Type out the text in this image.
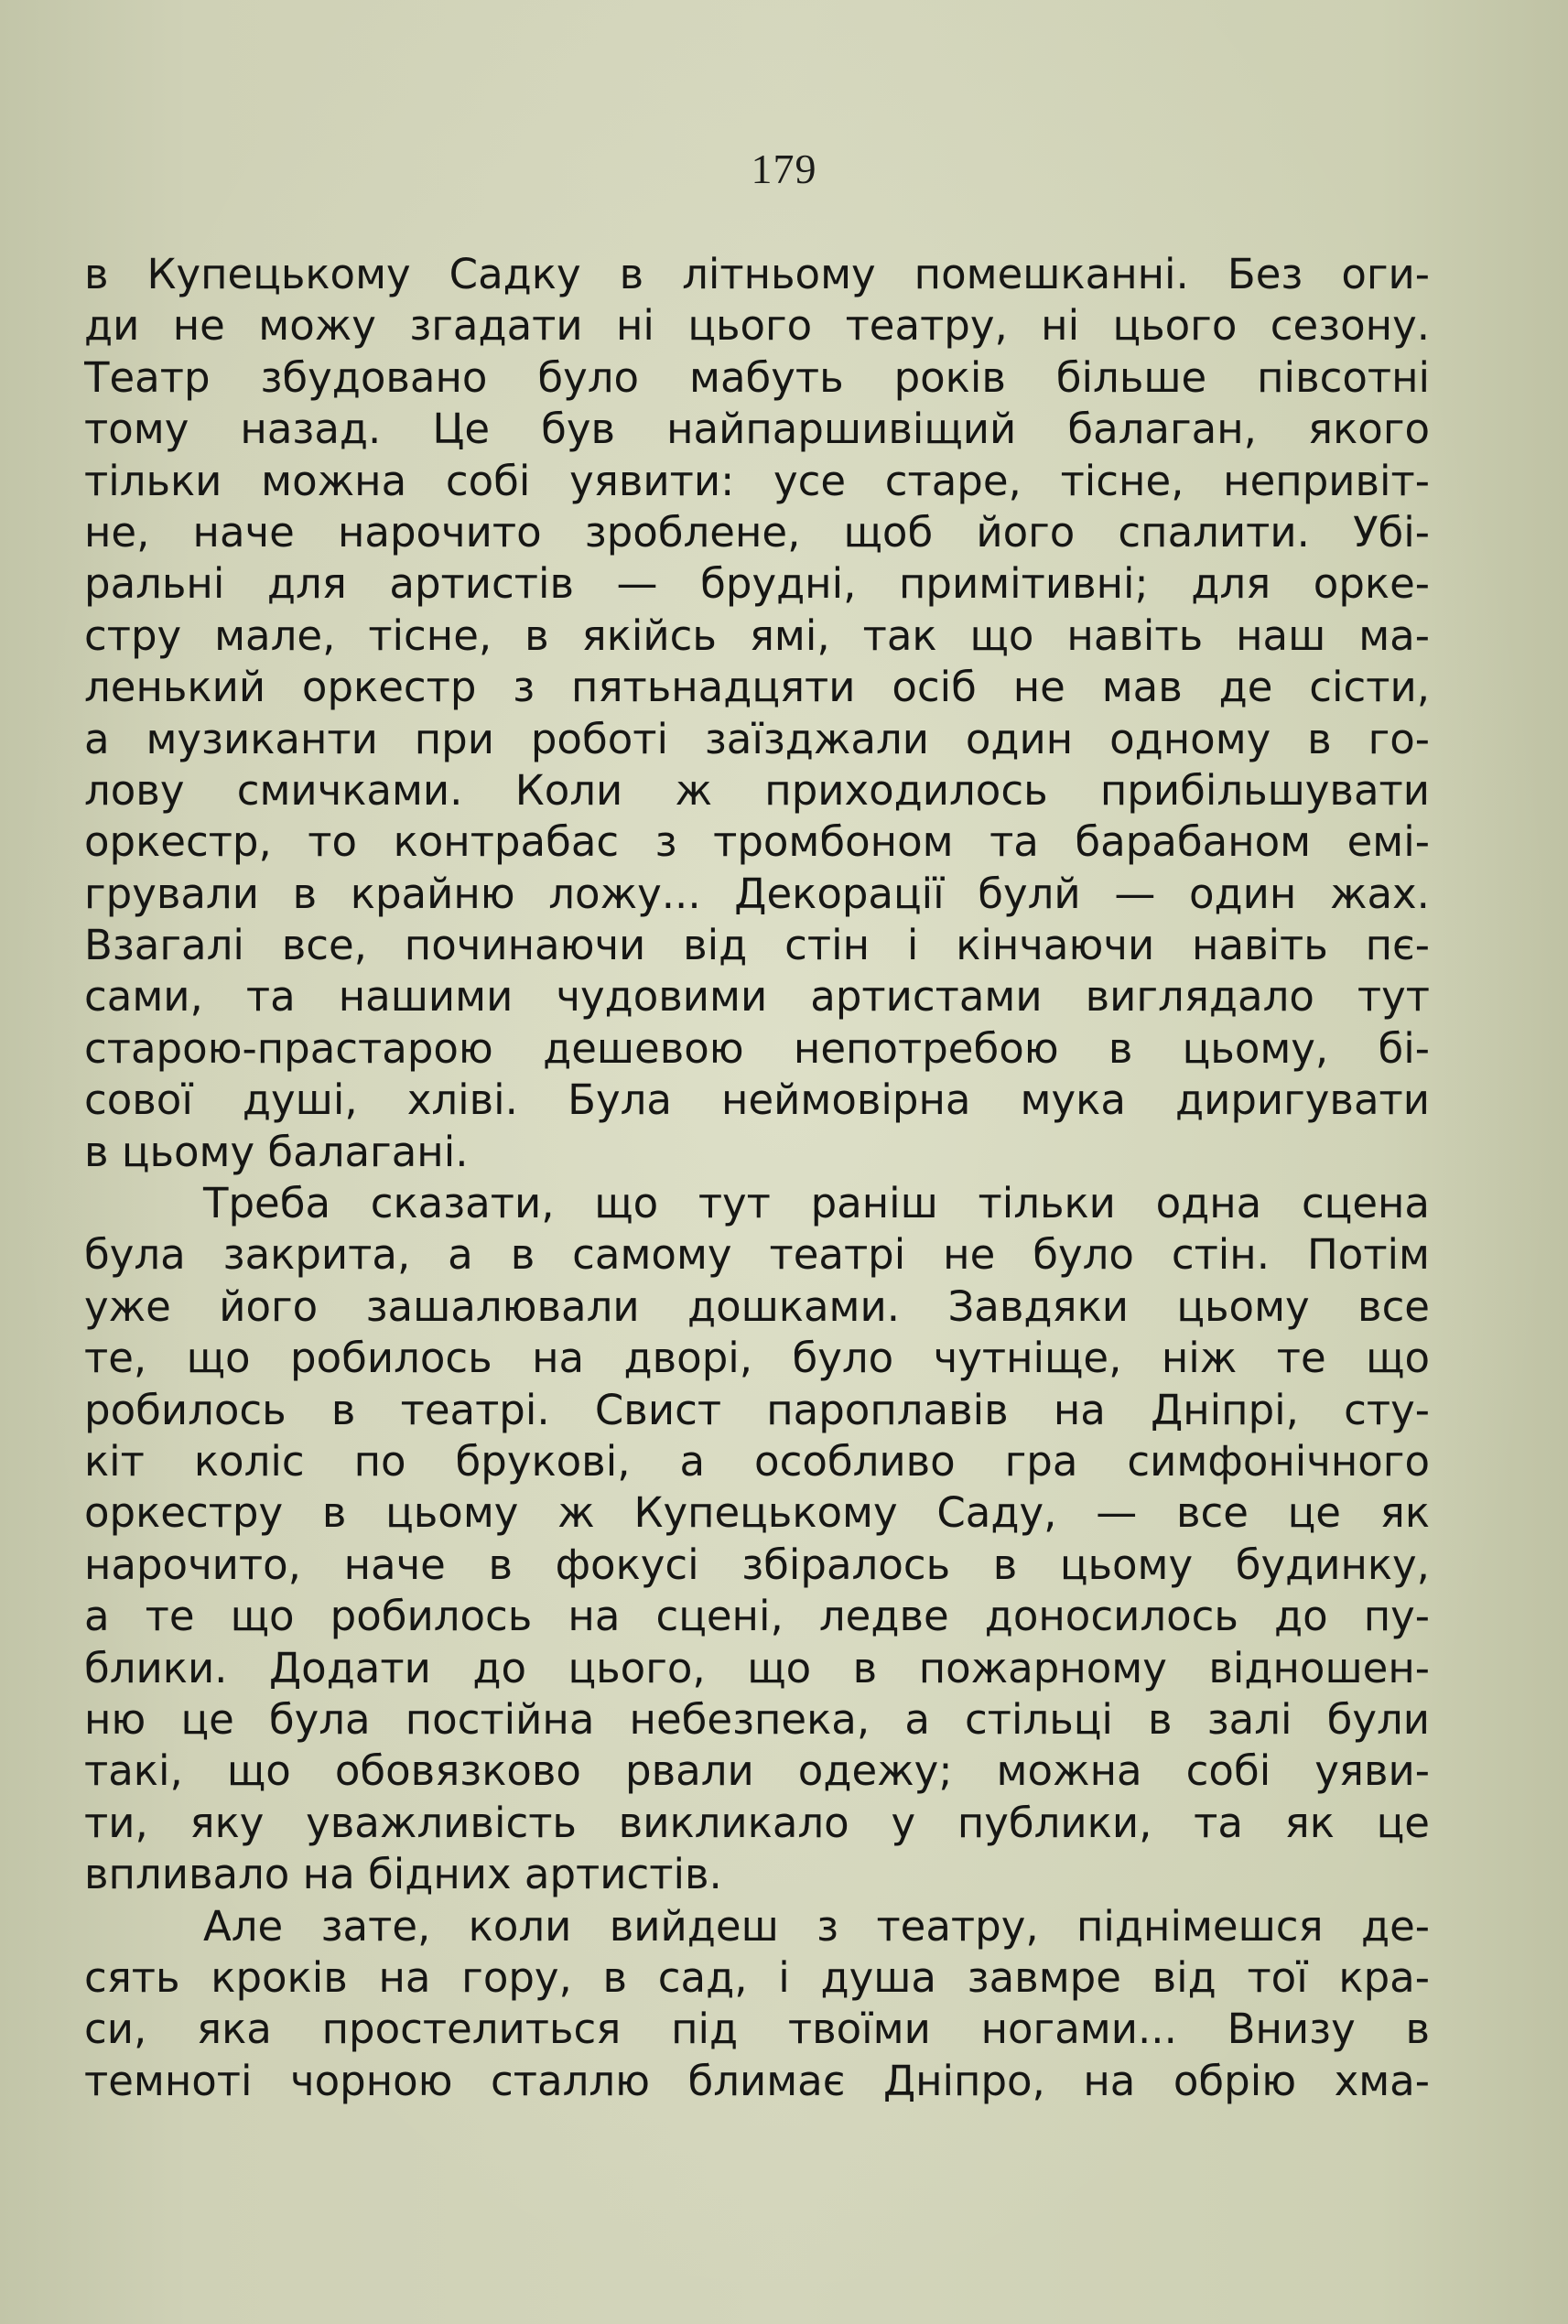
179
в Купецькому Садку в літньому помешканні. Без оги-
ди не можу згадати ні цього театру, ні цього сезону.
Театр збудовано було мабуть років більше півсотні
тому назад. Це був найпаршивіщий балаган, якого
тільки можна собі уявити: усе старе, тісне, непривіт-
не, наче нарочито зроблене, щоб його спалити. Убі-
ральні для артистів — брудні, примітивні; для орке-
стру мале, тісне, в якійсь ямі, так що навіть наш ма-
ленький оркестр з пятьнадцяти осіб не мав де сісти,
а музиканти при роботі заїзджали один одному в го-
лову смичками. Коли ж приходилось прибільшувати
оркестр, то контрабас з тромбоном та барабаном емі-
грували в крайню ложу... Декорації булй — один жах.
Взагалі все, починаючи від стін і кінчаючи навіть пє-
сами, та нашими чудовими артистами виглядало тут
старою-прастарою дешевою непотребою в цьому, бі-
сової душі, хліві. Була неймовірна мука диригувати
в цьому балагані.
Треба сказати, що тут раніш тільки одна сцена
була закрита, а в самому театрі не було стін. Потім
уже його зашалювали дошками. Завдяки цьому все
те, що робилось на дворі, було чутніще, ніж те що
робилось в театрі. Свист пароплавів на Дніпрі, сту-
кіт коліс по брукові, а особливо гра симфонічного
оркестру в цьому ж Купецькому Саду, — все це як
нарочито, наче в фокусі збіралось в цьому будинку,
а те що робилось на сцені, ледве доносилось до пу-
блики. Додати до цього, що в пожарному відношен-
ню це була постійна небезпека, а стільці в залі були
такі, що обовязково рвали одежу; можна собі уяви-
ти, яку уважливість викликало у публики, та як це
впливало на бідних артистів.
Але зате, коли вийдеш з театру, піднімешся де-
сять кроків на гору, в сад, і душа завмре від тої кра-
си, яка простелиться під твоїми ногами... Внизу в
темноті чорною сталлю блимає Дніпро, на обрію хма-
